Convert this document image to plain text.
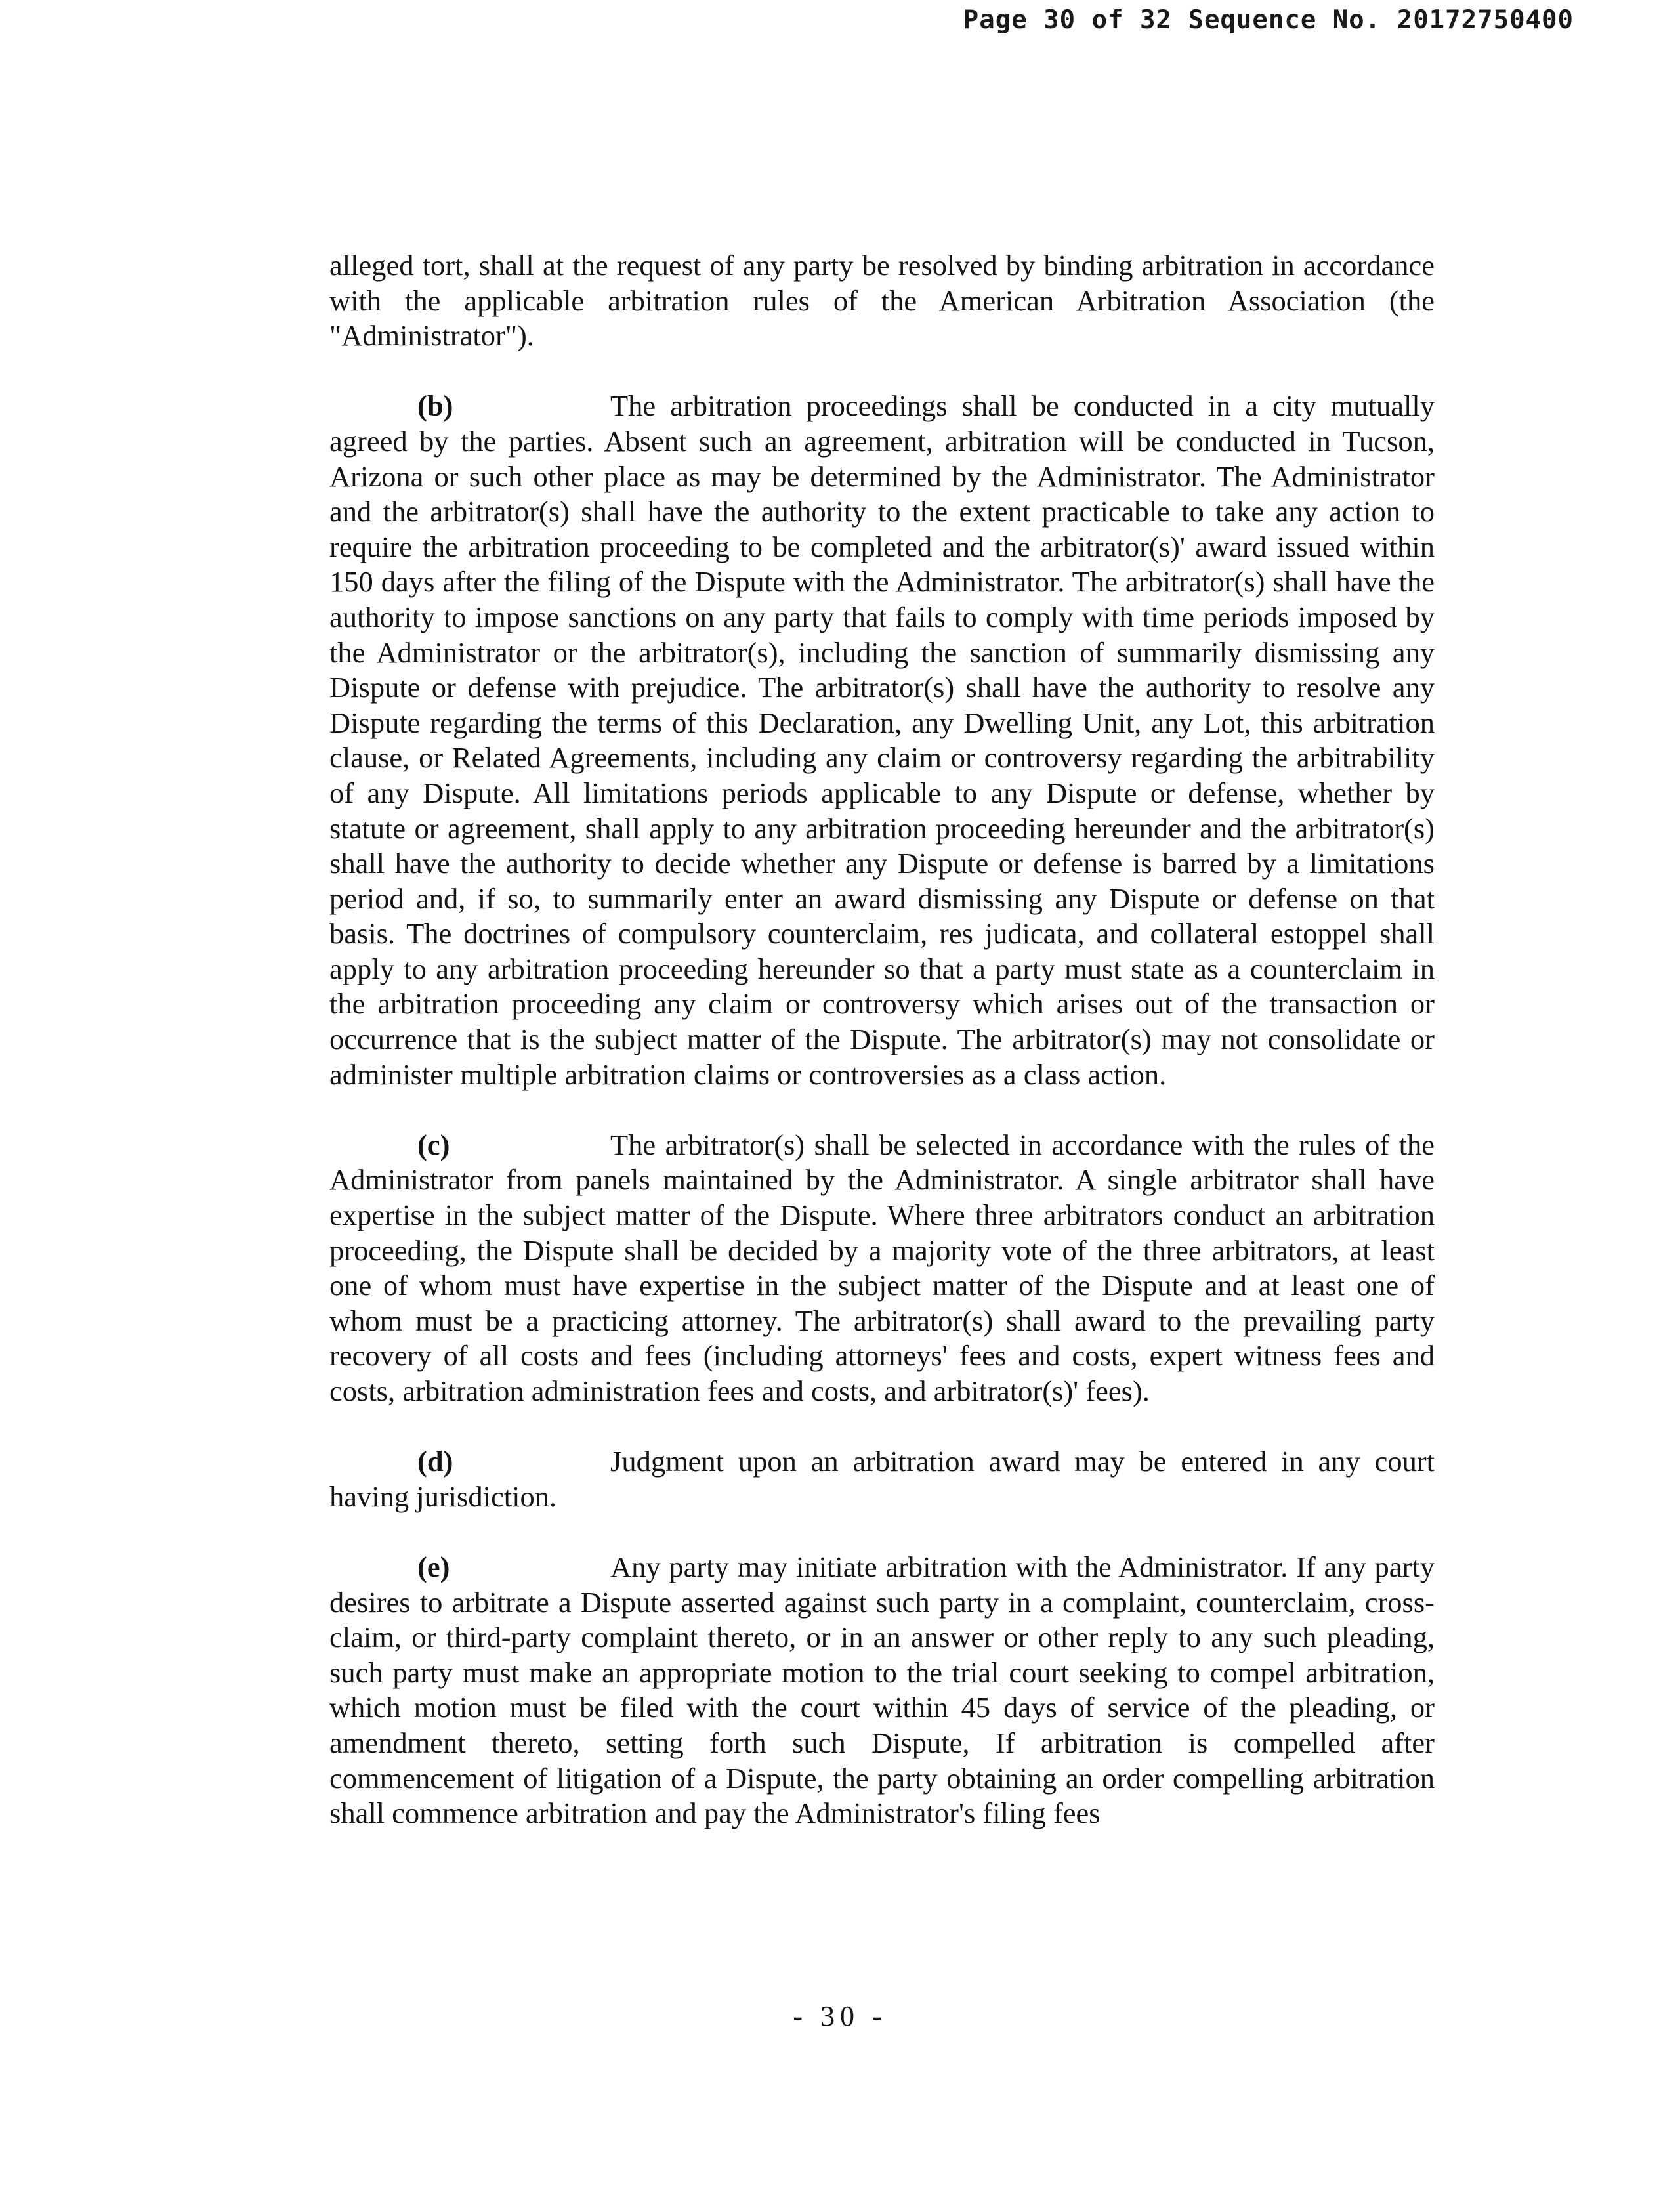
Page 30 of 32 Sequence No. 20172750400

alleged tort, shall at the request of any party be resolved by binding arbitration in accordance with the applicable arbitration rules of the American Arbitration Association (the "Administrator").

(b)	The arbitration proceedings shall be conducted in a city mutually agreed by the parties. Absent such an agreement, arbitration will be conducted in Tucson, Arizona or such other place as may be determined by the Administrator. The Administrator and the arbitrator(s) shall have the authority to the extent practicable to take any action to require the arbitration proceeding to be completed and the arbitrator(s)' award issued within 150 days after the filing of the Dispute with the Administrator. The arbitrator(s) shall have the authority to impose sanctions on any party that fails to comply with time periods imposed by the Administrator or the arbitrator(s), including the sanction of summarily dismissing any Dispute or defense with prejudice. The arbitrator(s) shall have the authority to resolve any Dispute regarding the terms of this Declaration, any Dwelling Unit, any Lot, this arbitration clause, or Related Agreements, including any claim or controversy regarding the arbitrability of any Dispute. All limitations periods applicable to any Dispute or defense, whether by statute or agreement, shall apply to any arbitration proceeding hereunder and the arbitrator(s) shall have the authority to decide whether any Dispute or defense is barred by a limitations period and, if so, to summarily enter an award dismissing any Dispute or defense on that basis. The doctrines of compulsory counterclaim, res judicata, and collateral estoppel shall apply to any arbitration proceeding hereunder so that a party must state as a counterclaim in the arbitration proceeding any claim or controversy which arises out of the transaction or occurrence that is the subject matter of the Dispute. The arbitrator(s) may not consolidate or administer multiple arbitration claims or controversies as a class action.

(c)	The arbitrator(s) shall be selected in accordance with the rules of the Administrator from panels maintained by the Administrator. A single arbitrator shall have expertise in the subject matter of the Dispute. Where three arbitrators conduct an arbitration proceeding, the Dispute shall be decided by a majority vote of the three arbitrators, at least one of whom must have expertise in the subject matter of the Dispute and at least one of whom must be a practicing attorney. The arbitrator(s) shall award to the prevailing party recovery of all costs and fees (including attorneys' fees and costs, expert witness fees and costs, arbitration administration fees and costs, and arbitrator(s)' fees).

(d)	Judgment upon an arbitration award may be entered in any court having jurisdiction.

(e)	Any party may initiate arbitration with the Administrator. If any party desires to arbitrate a Dispute asserted against such party in a complaint, counterclaim, cross-claim, or third-party complaint thereto, or in an answer or other reply to any such pleading, such party must make an appropriate motion to the trial court seeking to compel arbitration, which motion must be filed with the court within 45 days of service of the pleading, or amendment thereto, setting forth such Dispute, If arbitration is compelled after commencement of litigation of a Dispute, the party obtaining an order compelling arbitration shall commence arbitration and pay the Administrator's filing fees

- 30 -
